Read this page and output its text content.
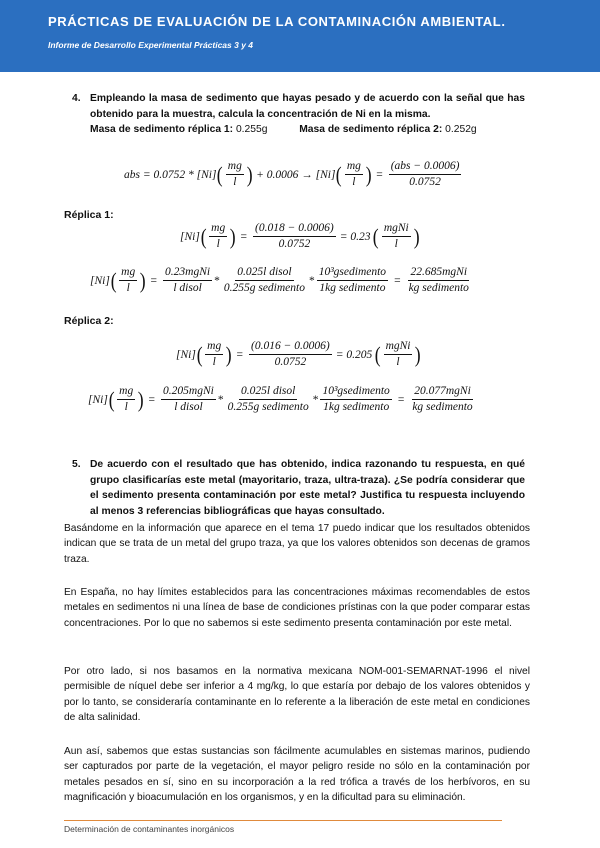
PRÁCTICAS DE EVALUACIÓN DE LA CONTAMINACIÓN AMBIENTAL.
Informe de Desarrollo Experimental Prácticas 3 y 4
4. Empleando la masa de sedimento que hayas pesado y de acuerdo con la señal que has obtenido para la muestra, calcula la concentración de Ni en la misma.
Masa de sedimento réplica 1: 0.255g	Masa de sedimento réplica 2: 0.252g
abs = 0.0752 * [Ni] ( $\frac{mg}{l}$ ) + 0.0006 → [Ni] ( $\frac{mg}{l}$ ) = $\frac{\text{(abs − 0.0006)}}{0.0752}$
Réplica 1:
[Ni] ( $\frac{mg}{l}$ ) = $\frac{(0.018 - 0.0006)}{0.0752} = 0.23$ ( $\frac{\text{mgNi}}{l}$ )
[Ni] ( $\frac{mg}{l}$ ) = $\frac{\text{0.23mgNi}}{\text{l disol}} * \frac{\text{0.025l disol}}{\text{0.255g sedimento}} * \frac{\text{10³gsedimento}}{\text{1kg sedimento}} = \frac{\text{22.685mgNi}}{\text{kg sedimento}}$
Réplica 2:
[Ni] ( $\frac{mg}{l}$ ) = $\frac{(0.016 - 0.0006)}{0.0752} = 0.205$ ( $\frac{\text{mgNi}}{l}$ )
[Ni] ( $\frac{mg}{l}$ ) = $\frac{\text{0.205mgNi}}{\text{l disol}} * \frac{\text{0.025l disol}}{\text{0.255g sedimento}} * \frac{\text{10³gsedimento}}{\text{1kg sedimento}} = \frac{\text{20.077mgNi}}{\text{kg sedimento}}$
5. De acuerdo con el resultado que has obtenido, indica razonando tu respuesta, en qué grupo clasificarías este metal (mayoritario, traza, ultra-traza). ¿Se podría considerar que el sedimento presenta contaminación por este metal? Justifica tu respuesta incluyendo al menos 3 referencias bibliográficas que hayas consultado.
Basándome en la información que aparece en el tema 17 puedo indicar que los resultados obtenidos indican que se trata de un metal del grupo traza, ya que los valores obtenidos son decenas de gramos traza.
En España, no hay límites establecidos para las concentraciones máximas recomendables de estos metales en sedimentos ni una línea de base de condiciones prístinas con la que poder comparar estas concentraciones. Por lo que no sabemos si este sedimento presenta contaminación por este metal.
Por otro lado, si nos basamos en la normativa mexicana NOM-001-SEMARNAT-1996 el nivel permisible de níquel debe ser inferior a 4 mg/kg, lo que estaría por debajo de los valores obtenidos y por lo tanto, se consideraría contaminante en lo referente a la liberación de este metal en condiciones de alta salinidad.
Aun así, sabemos que estas sustancias son fácilmente acumulables en sistemas marinos, pudiendo ser capturados por parte de la vegetación, el mayor peligro reside no sólo en la contaminación por metales pesados en sí, sino en su incorporación a la red trófica a través de los herbívoros, en su magnificación y bioacumulación en los organismos, y en la dificultad para su eliminación.
Determinación de contaminantes inorgánicos
